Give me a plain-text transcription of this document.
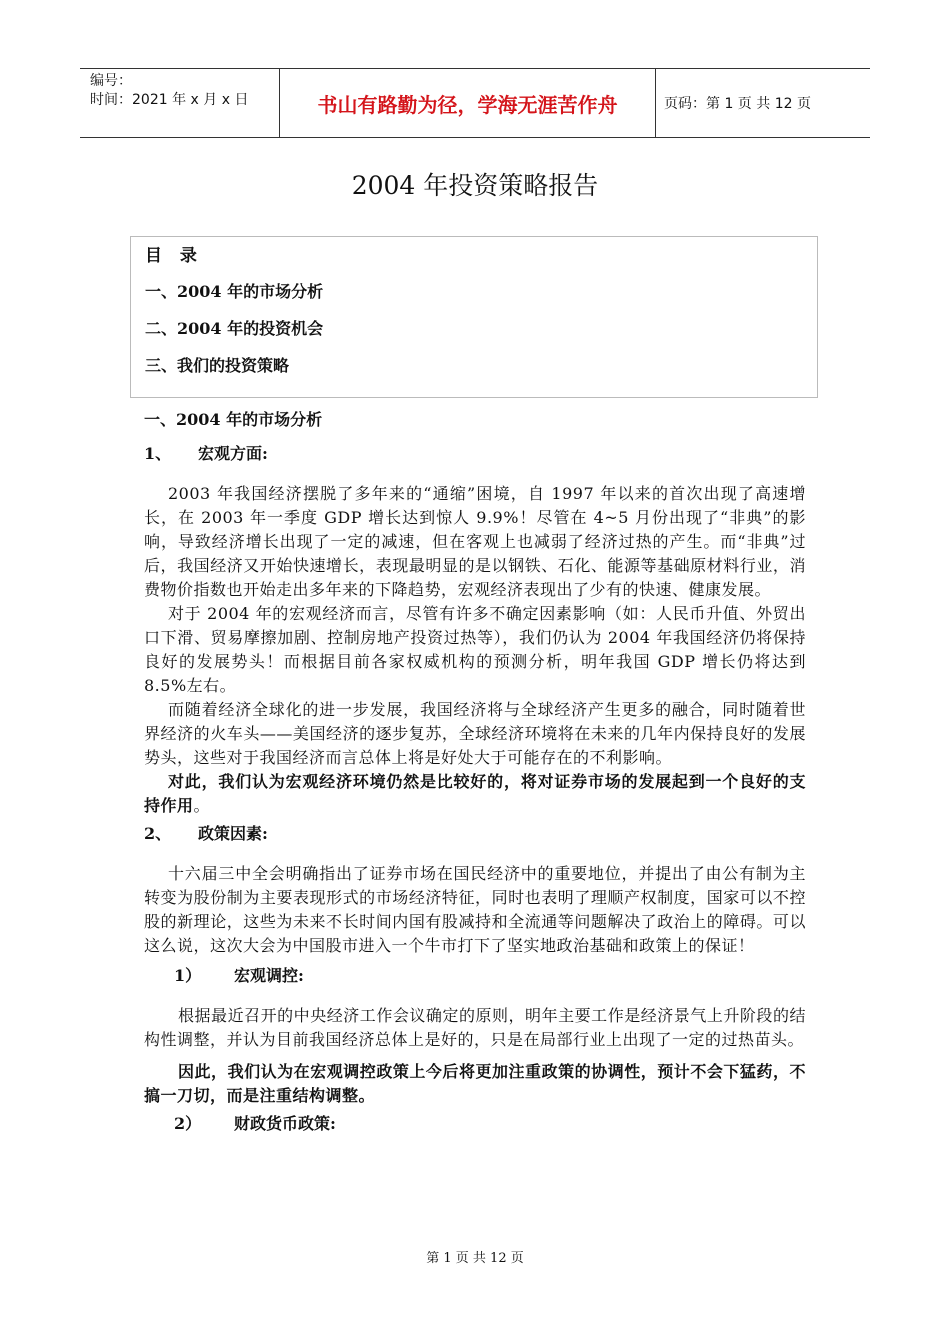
编号：
时间：2021 年 x 月 x 日	书山有路勤为径，学海无涯苦作舟	页码：第 1 页 共 12 页
2004 年投资策略报告
目 录
一、2004 年的市场分析
二、2004 年的投资机会
三、我们的投资策略
一、2004 年的市场分析
1、 宏观方面:

2003 年我国经济摆脱了多年来的“通缩”困境，自 1997 年以来的首次出现了高速增长，在 2003 年一季度 GDP 增长达到惊人 9.9%！尽管在 4~5 月份出现了“非典”的影响，导致经济增长出现了一定的减速，但在客观上也减弱了经济过热的产生。而“非典”过后，我国经济又开始快速增长，表现最明显的是以钢铁、石化、能源等基础原材料行业，消费物价指数也开始走出多年来的下降趋势，宏观经济表现出了少有的快速、健康发展。

对于 2004 年的宏观经济而言，尽管有许多不确定因素影响（如：人民币升值、外贸出口下滑、贸易摩擦加剧、控制房地产投资过热等），我们仍认为 2004 年我国经济仍将保持良好的发展势头！而根据目前各家权威机构的预测分析，明年我国 GDP 增长仍将达到 8.5%左右。

而随着经济全球化的进一步发展，我国经济将与全球经济产生更多的融合，同时随着世界经济的火车头——美国经济的逐步复苏，全球经济环境将在未来的几年内保持良好的发展势头，这些对于我国经济而言总体上将是好处大于可能存在的不利影响。

对此，我们认为宏观经济环境仍然是比较好的，将对证券市场的发展起到一个良好的支持作用。

2、 政策因素:

十六届三中全会明确指出了证券市场在国民经济中的重要地位，并提出了由公有制为主转变为股份制为主要表现形式的市场经济特征，同时也表明了理顺产权制度，国家可以不控股的新理论，这些为未来不长时间内国有股减持和全流通等问题解决了政治上的障碍。可以这么说，这次大会为中国股市进入一个牛市打下了坚实地政治基础和政策上的保证！

1） 宏观调控:

根据最近召开的中央经济工作会议确定的原则，明年主要工作是经济景气上升阶段的结构性调整，并认为目前我国经济总体上是好的，只是在局部行业上出现了一定的过热苗头。

因此，我们认为在宏观调控政策上今后将更加注重政策的协调性，预计不会下猛药，不搞一刀切，而是注重结构调整。

2） 财政货币政策:
第 1 页 共 12 页
